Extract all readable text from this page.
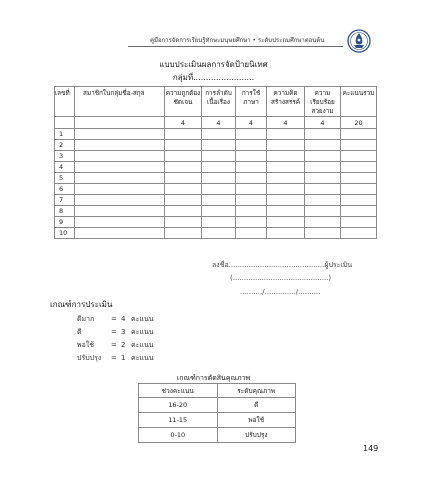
คู่มือการจัดการเรียนรู้ทักษะมนุษยศึกษา • ระดับประถมศึกษาตอนต้น
แบบประเมินผลการจัดป้ายนิเทศ
กลุ่มที่........................
เลขที่	สมาชิกในกลุ่มชื่อ-สกุล	ความถูกต้องชัดเจน	การลำดับเนื้อเรื่อง	การใช้ภาษา	ความคิดสร้างสรรค์	ความเรียบร้อยสวยงาม	คะแนนรวม
		4	4	4	4	4	20
1							
2							
3							
4							
5							
6							
7							
8							
9							
10							
ลงชื่อ...........................................ผู้ประเมิน
(...........................................)
........../............../..........
เกณฑ์การประเมิน
ดีมาก = 4 คะแนน
ดี	= 3 คะแนน
พอใช้ = 2 คะแนน
ปรับปรุง = 1 คะแนน
เกณฑ์การตัดสินคุณภาพ
ช่วงคะแนน	ระดับคุณภาพ
16-20	ดี
11-15	พอใช้
0-10	ปรับปรุง
149
